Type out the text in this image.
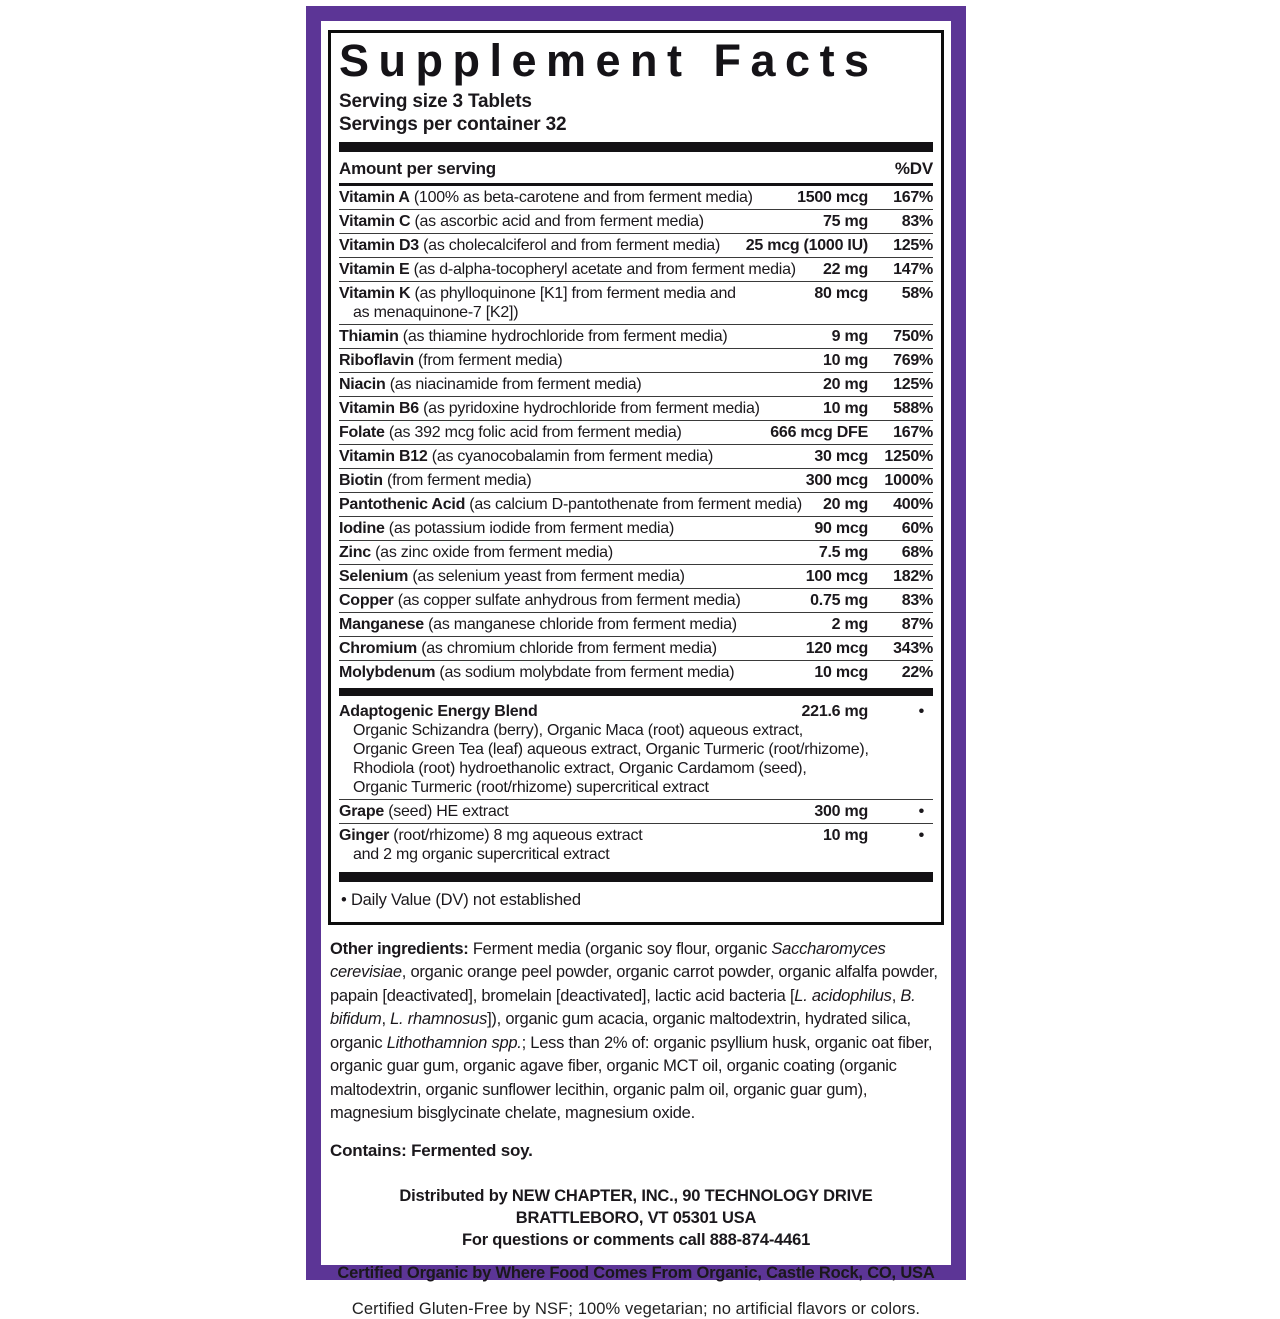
Supplement Facts
Serving size 3 Tablets
Servings per container 32
Amount per serving	%DV
Vitamin A (100% as beta-carotene and from ferment media)	1500 mcg 167%
Vitamin C (as ascorbic acid and from ferment media)	75 mg 83%
Vitamin D3 (as cholecalciferol and from ferment media)	25 mcg (1000 IU) 125%
Vitamin E (as d-alpha-tocopheryl acetate and from ferment media)	22 mg 147%
Vitamin K (as phylloquinone [K1] from ferment media and	80 mcg 58%
as menaquinone-7 [K2])
Thiamin (as thiamine hydrochloride from ferment media)	9 mg 750%
Riboflavin (from ferment media)	10 mg 769%
Niacin (as niacinamide from ferment media)	20 mg 125%
Vitamin B6 (as pyridoxine hydrochloride from ferment media)	10 mg 588%
Folate (as 392 mcg folic acid from ferment media)	666 mcg DFE 167%
Vitamin B12 (as cyanocobalamin from ferment media)	30 mcg 1250%
Biotin (from ferment media)	300 mcg 1000%
Pantothenic Acid (as calcium D-pantothenate from ferment media)	20 mg 400%
Iodine (as potassium iodide from ferment media)	90 mcg 60%
Zinc (as zinc oxide from ferment media)	7.5 mg 68%
Selenium (as selenium yeast from ferment media)	100 mcg 182%
Copper (as copper sulfate anhydrous from ferment media)	0.75 mg 83%
Manganese (as manganese chloride from ferment media)	2 mg 87%
Chromium (as chromium chloride from ferment media)	120 mcg 343%
Molybdenum (as sodium molybdate from ferment media)	10 mcg 22%
Adaptogenic Energy Blend	221.6 mg	•
Organic Schizandra (berry), Organic Maca (root) aqueous extract,
Organic Green Tea (leaf) aqueous extract, Organic Turmeric (root/rhizome),
Rhodiola (root) hydroethanolic extract, Organic Cardamom (seed),
Organic Turmeric (root/rhizome) supercritical extract
Grape (seed) HE extract	300 mg	•
Ginger (root/rhizome) 8 mg aqueous extract	10 mg	•
and 2 mg organic supercritical extract
• Daily Value (DV) not established
Other ingredients: Ferment media (organic soy flour, organic Saccharomyces cerevisiae, organic orange peel powder, organic carrot powder, organic alfalfa powder, papain [deactivated], bromelain [deactivated], lactic acid bacteria [L. acidophilus, B. bifidum, L. rhamnosus]), organic gum acacia, organic maltodextrin, hydrated silica, organic Lithothamnion spp.; Less than 2% of: organic psyllium husk, organic oat fiber, organic guar gum, organic agave fiber, organic MCT oil, organic coating (organic maltodextrin, organic sunflower lecithin, organic palm oil, organic guar gum), magnesium bisglycinate chelate, magnesium oxide.
Contains: Fermented soy.
Distributed by NEW CHAPTER, INC., 90 TECHNOLOGY DRIVE
BRATTLEBORO, VT 05301 USA
For questions or comments call 888-874-4461
Certified Organic by Where Food Comes From Organic, Castle Rock, CO, USA
Certified Gluten-Free by NSF; 100% vegetarian; no artificial flavors or colors.
